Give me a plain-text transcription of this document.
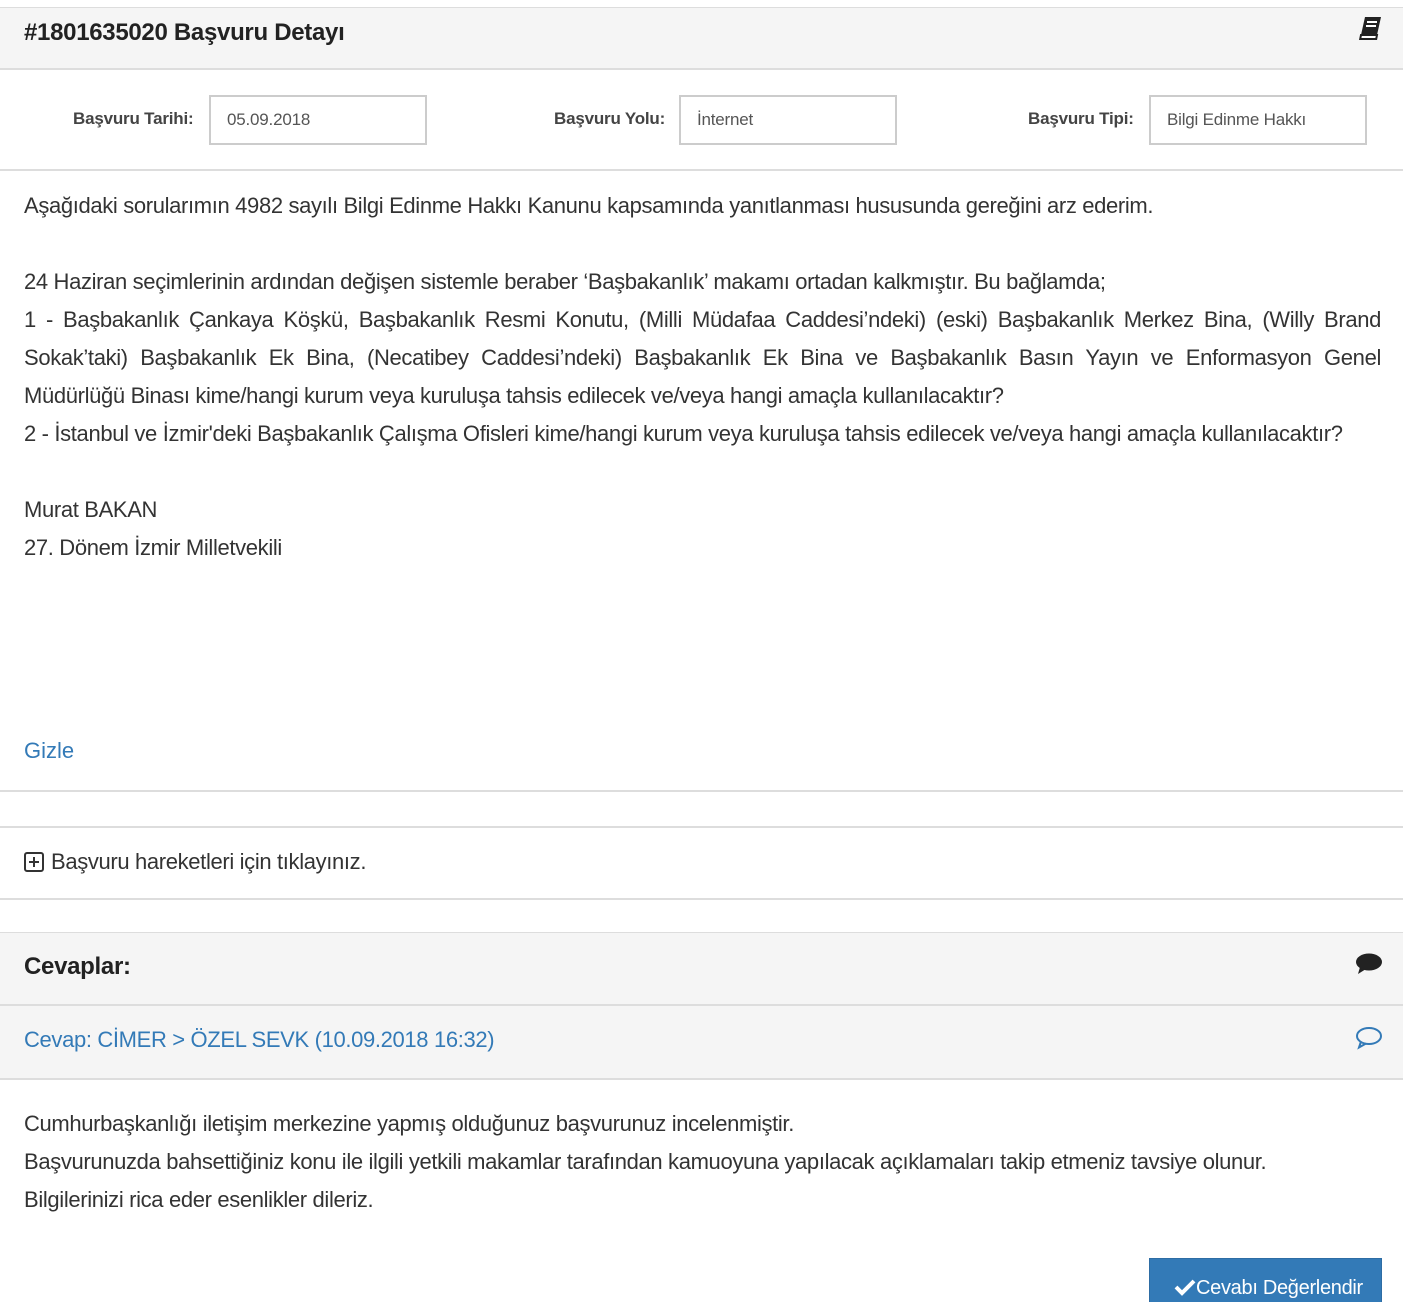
#1801635020 Başvuru Detayı
Başvuru Tarihi:	05.09.2018	Başvuru Yolu:	İnternet	Başvuru Tipi:	Bilgi Edinme Hakkı

Aşağıdaki sorularımın 4982 sayılı Bilgi Edinme Hakkı Kanunu kapsamında yanıtlanması hususunda gereğini arz ederim.

24 Haziran seçimlerinin ardından değişen sistemle beraber ‘Başbakanlık’ makamı ortadan kalkmıştır. Bu bağlamda;

1 - Başbakanlık Çankaya Köşkü, Başbakanlık Resmi Konutu, (Milli Müdafaa Caddesi’ndeki) (eski) Başbakanlık Merkez Bina, (Willy Brand Sokak’taki) Başbakanlık Ek Bina, (Necatibey Caddesi’ndeki) Başbakanlık Ek Bina ve Başbakanlık Basın Yayın ve Enformasyon Genel Müdürlüğü Binası kime/hangi kurum veya kuruluşa tahsis edilecek ve/veya hangi amaçla kullanılacaktır?

2 - İstanbul ve İzmir'deki Başbakanlık Çalışma Ofisleri kime/hangi kurum veya kuruluşa tahsis edilecek ve/veya hangi amaçla kullanılacaktır?

Murat BAKAN

27. Dönem İzmir Milletvekili

Gizle
Başvuru hareketleri için tıklayınız.
Cevaplar:
Cevap: CİMER > ÖZEL SEVK (10.09.2018 16:32)

Cumhurbaşkanlığı iletişim merkezine yapmış olduğunuz başvurunuz incelenmiştir.

Başvurunuzda bahsettiğiniz konu ile ilgili yetkili makamlar tarafından kamuoyuna yapılacak açıklamaları takip etmeniz tavsiye olunur.

Bilgilerinizi rica eder esenlikler dileriz.

Cevabı Değerlendir
